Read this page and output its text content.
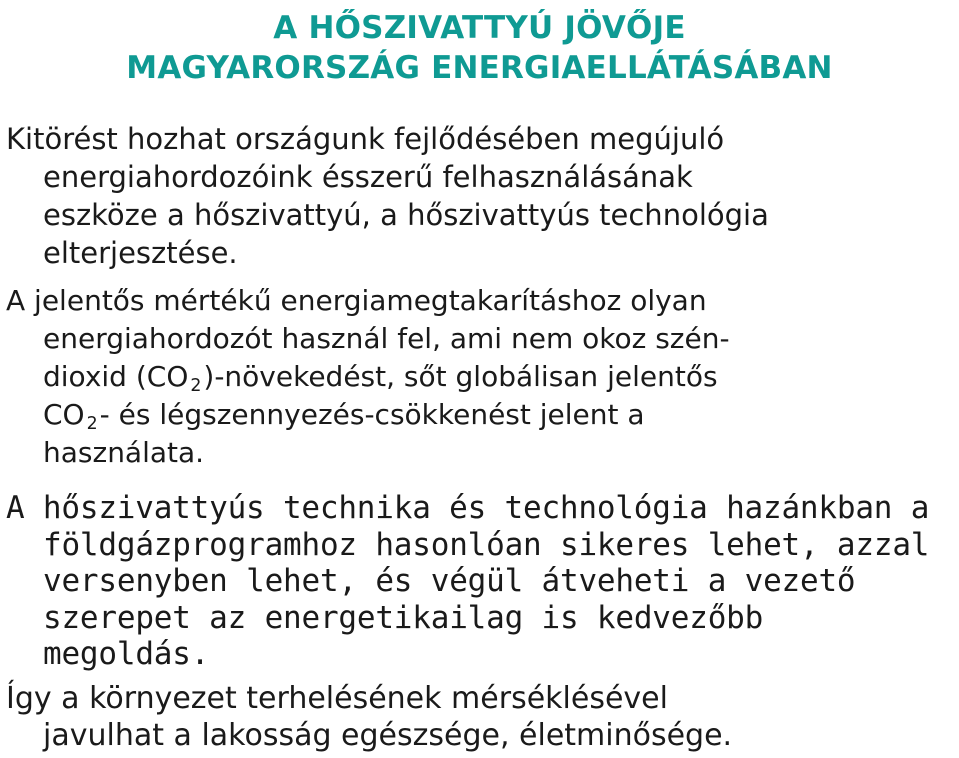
A HŐSZIVATTYÚ JÖVŐJE
MAGYARORSZÁG ENERGIAELLÁTÁSÁBAN
Kitörést hozhat országunk fejlődésében megújuló
energiahordozóink ésszerű felhasználásának
eszköze a hőszivattyú, a hőszivattyús technológia
elterjesztése.
A jelentős mértékű energiamegtakarításhoz olyan
energiahordozót használ fel, ami nem okoz szén-
dioxid (CO $_2$)-növekedést, sőt globálisan jelentős
CO $_2$- és légszennyezés-csökkenést jelent a
használata.
A hőszivattyús technika és technológia hazánkban a
földgázprogramhoz hasonlóan sikeres lehet, azzal
versenyben lehet, és végül átveheti a vezető
szerepet az energetikailag is kedvezőbb
megoldás.
Így a környezet terhelésének mérséklésével
javulhat a lakosság egészsége, életminősége.
